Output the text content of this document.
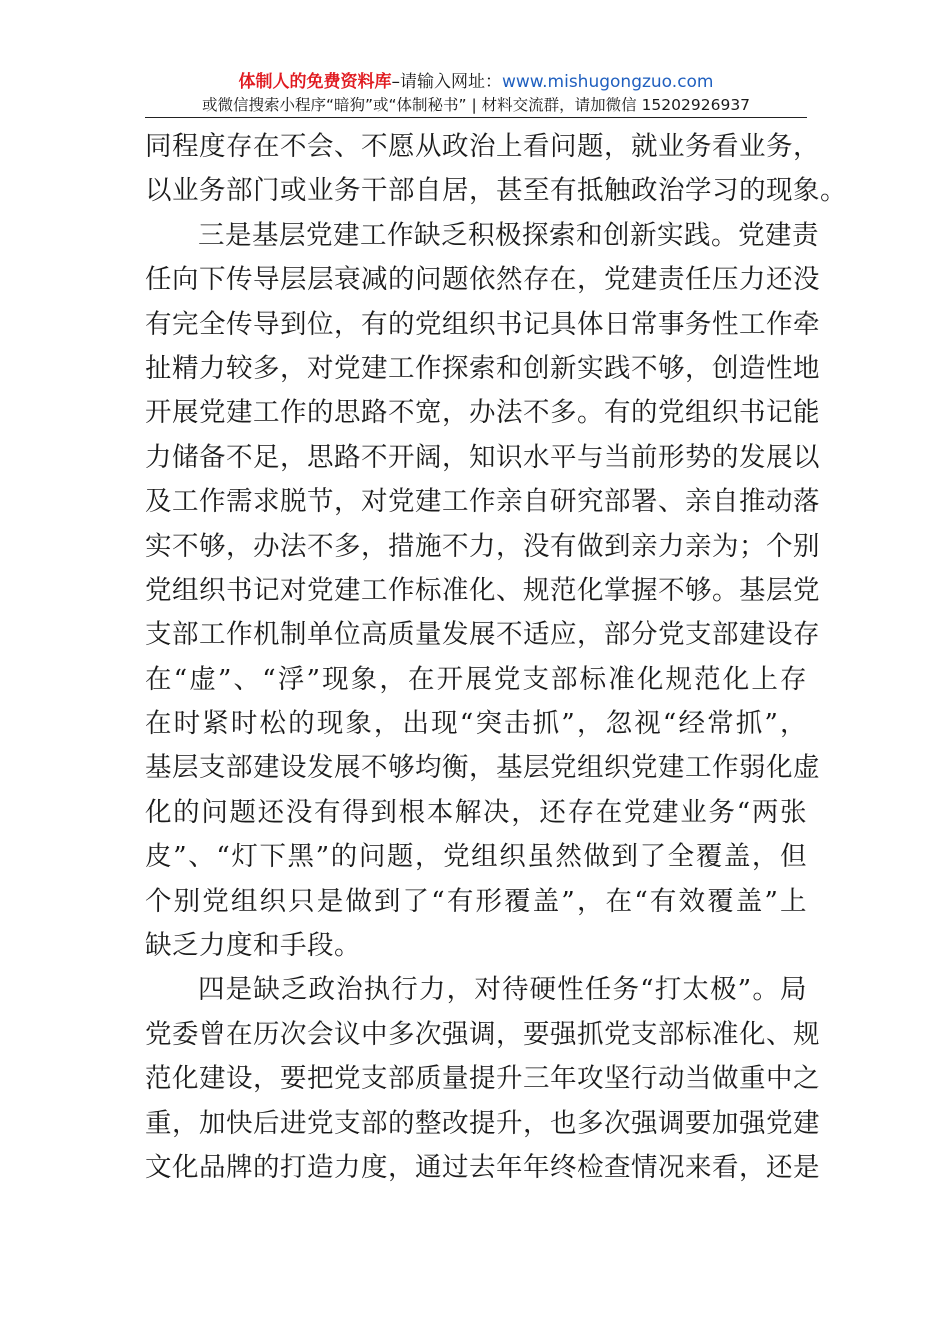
体制人的免费资料库–请输入网址：www.mishugongzuo.com
或微信搜索小程序“暗狗”或“体制秘书” | 材料交流群，请加微信 15202926937
同程度存在不会、不愿从政治上看问题，就业务看业务，
以业务部门或业务干部自居，甚至有抵触政治学习的现象。
三是基层党建工作缺乏积极探索和创新实践。党建责
任向下传导层层衰减的问题依然存在，党建责任压力还没
有完全传导到位，有的党组织书记具体日常事务性工作牵
扯精力较多，对党建工作探索和创新实践不够，创造性地
开展党建工作的思路不宽，办法不多。有的党组织书记能
力储备不足，思路不开阔，知识水平与当前形势的发展以
及工作需求脱节，对党建工作亲自研究部署、亲自推动落
实不够，办法不多，措施不力，没有做到亲力亲为；个别
党组织书记对党建工作标准化、规范化掌握不够。基层党
支部工作机制单位高质量发展不适应，部分党支部建设存
在“虚”、“浮”现象，在开展党支部标准化规范化上存
在时紧时松的现象，出现“突击抓”，忽视“经常抓”，
基层支部建设发展不够均衡，基层党组织党建工作弱化虚
化的问题还没有得到根本解决，还存在党建业务“两张
皮”、“灯下黑”的问题，党组织虽然做到了全覆盖，但
个别党组织只是做到了“有形覆盖”，在“有效覆盖”上
缺乏力度和手段。
四是缺乏政治执行力，对待硬性任务“打太极”。局
党委曾在历次会议中多次强调，要强抓党支部标准化、规
范化建设，要把党支部质量提升三年攻坚行动当做重中之
重，加快后进党支部的整改提升，也多次强调要加强党建
文化品牌的打造力度，通过去年年终检查情况来看，还是
